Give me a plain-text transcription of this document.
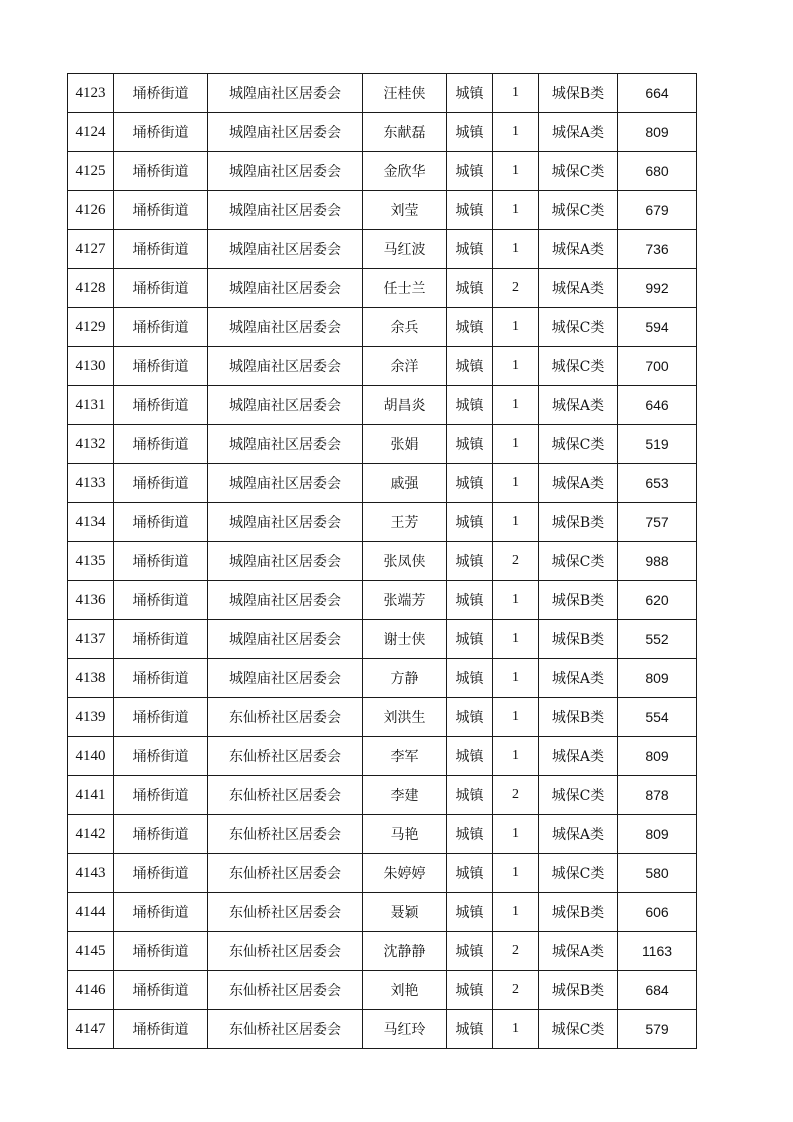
4123	埇桥街道	城隍庙社区居委会	汪桂侠	城镇	1	城保B类	664
4124	埇桥街道	城隍庙社区居委会	东献磊	城镇	1	城保A类	809
4125	埇桥街道	城隍庙社区居委会	金欣华	城镇	1	城保C类	680
4126	埇桥街道	城隍庙社区居委会	刘莹	城镇	1	城保C类	679
4127	埇桥街道	城隍庙社区居委会	马红波	城镇	1	城保A类	736
4128	埇桥街道	城隍庙社区居委会	任士兰	城镇	2	城保A类	992
4129	埇桥街道	城隍庙社区居委会	余兵	城镇	1	城保C类	594
4130	埇桥街道	城隍庙社区居委会	余洋	城镇	1	城保C类	700
4131	埇桥街道	城隍庙社区居委会	胡昌炎	城镇	1	城保A类	646
4132	埇桥街道	城隍庙社区居委会	张娟	城镇	1	城保C类	519
4133	埇桥街道	城隍庙社区居委会	戚强	城镇	1	城保A类	653
4134	埇桥街道	城隍庙社区居委会	王芳	城镇	1	城保B类	757
4135	埇桥街道	城隍庙社区居委会	张凤侠	城镇	2	城保C类	988
4136	埇桥街道	城隍庙社区居委会	张端芳	城镇	1	城保B类	620
4137	埇桥街道	城隍庙社区居委会	谢士侠	城镇	1	城保B类	552
4138	埇桥街道	城隍庙社区居委会	方静	城镇	1	城保A类	809
4139	埇桥街道	东仙桥社区居委会	刘洪生	城镇	1	城保B类	554
4140	埇桥街道	东仙桥社区居委会	李军	城镇	1	城保A类	809
4141	埇桥街道	东仙桥社区居委会	李建	城镇	2	城保C类	878
4142	埇桥街道	东仙桥社区居委会	马艳	城镇	1	城保A类	809
4143	埇桥街道	东仙桥社区居委会	朱婷婷	城镇	1	城保C类	580
4144	埇桥街道	东仙桥社区居委会	聂颖	城镇	1	城保B类	606
4145	埇桥街道	东仙桥社区居委会	沈静静	城镇	2	城保A类	1163
4146	埇桥街道	东仙桥社区居委会	刘艳	城镇	2	城保B类	684
4147	埇桥街道	东仙桥社区居委会	马红玲	城镇	1	城保C类	579
